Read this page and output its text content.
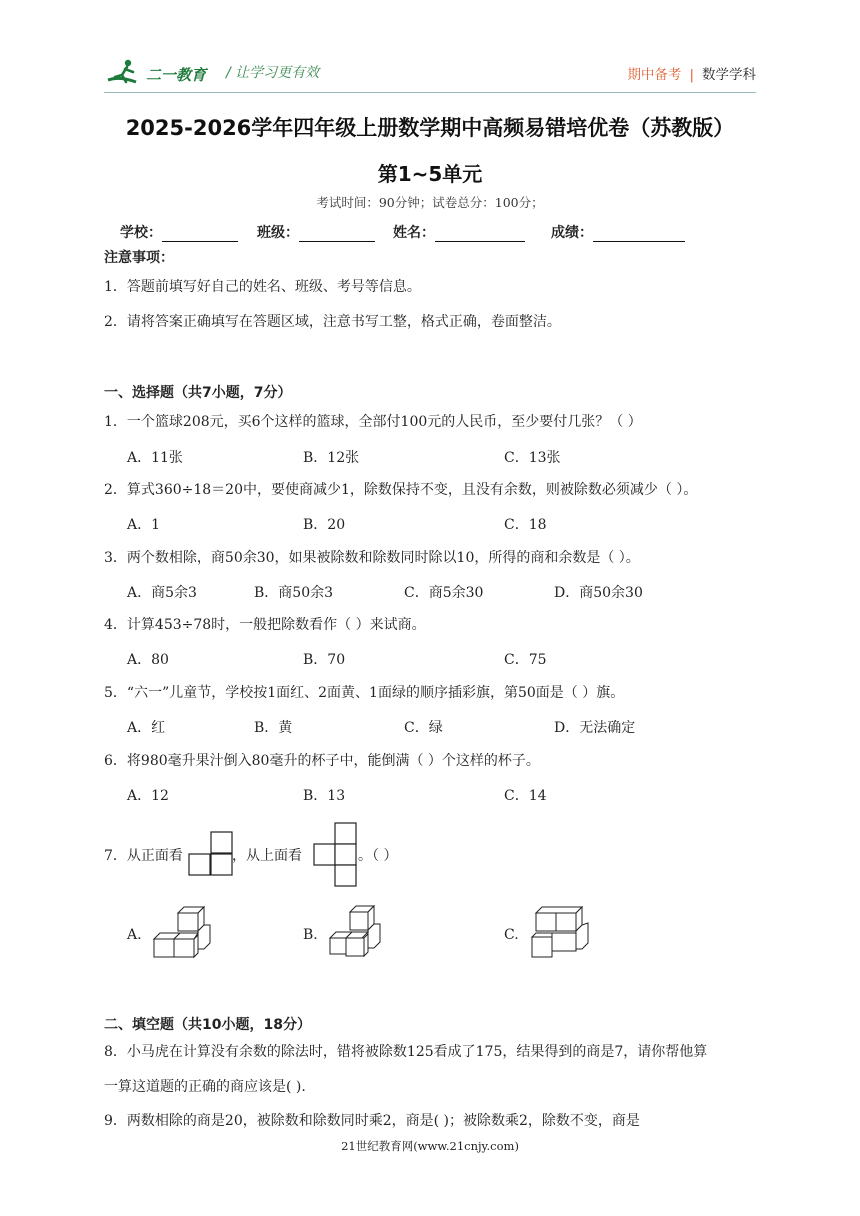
二一教育 / 让学习更有效	期中备考 | 数学学科
2025-2026学年四年级上册数学期中高频易错培优卷（苏教版）
第1~5单元
考试时间：90分钟；试卷总分：100分；
学校：	班级：	姓名：	成绩：
注意事项：
1．答题前填写好自己的姓名、班级、考号等信息。
2．请将答案正确填写在答题区域，注意书写工整，格式正确，卷面整洁。
一、选择题（共7小题，7分）
1．一个篮球208元，买6个这样的篮球，全部付100元的人民币，至少要付几张？（ ）
A．11张	B．12张	C．13张
2．算式360÷18＝20中，要使商减少1，除数保持不变，且没有余数，则被除数必须减少（ ）。
A．1	B．20	C．18
3．两个数相除，商50余30，如果被除数和除数同时除以10，所得的商和余数是（ ）。
A．商5余3	B．商50余3	C．商5余30	D．商50余30
4．计算453÷78时，一般把除数看作（ ）来试商。
A．80	B．70	C．75
5．“六一”儿童节，学校按1面红、2面黄、1面绿的顺序插彩旗，第50面是（ ）旗。
A．红	B．黄	C．绿	D．无法确定
6．将980毫升果汁倒入80毫升的杯子中，能倒满（ ）个这样的杯子。
A．12	B．13	C．14
7．从正面看	，从上面看	。（ ）
A.	B.	C.
二、填空题（共10小题，18分）
8．小马虎在计算没有余数的除法时，错将被除数125看成了175，结果得到的商是7，请你帮他算
一算这道题的正确的商应该是( ).
9．两数相除的商是20，被除数和除数同时乘2，商是( )；被除数乘2，除数不变，商是
21世纪教育网(www.21cnjy.com)
